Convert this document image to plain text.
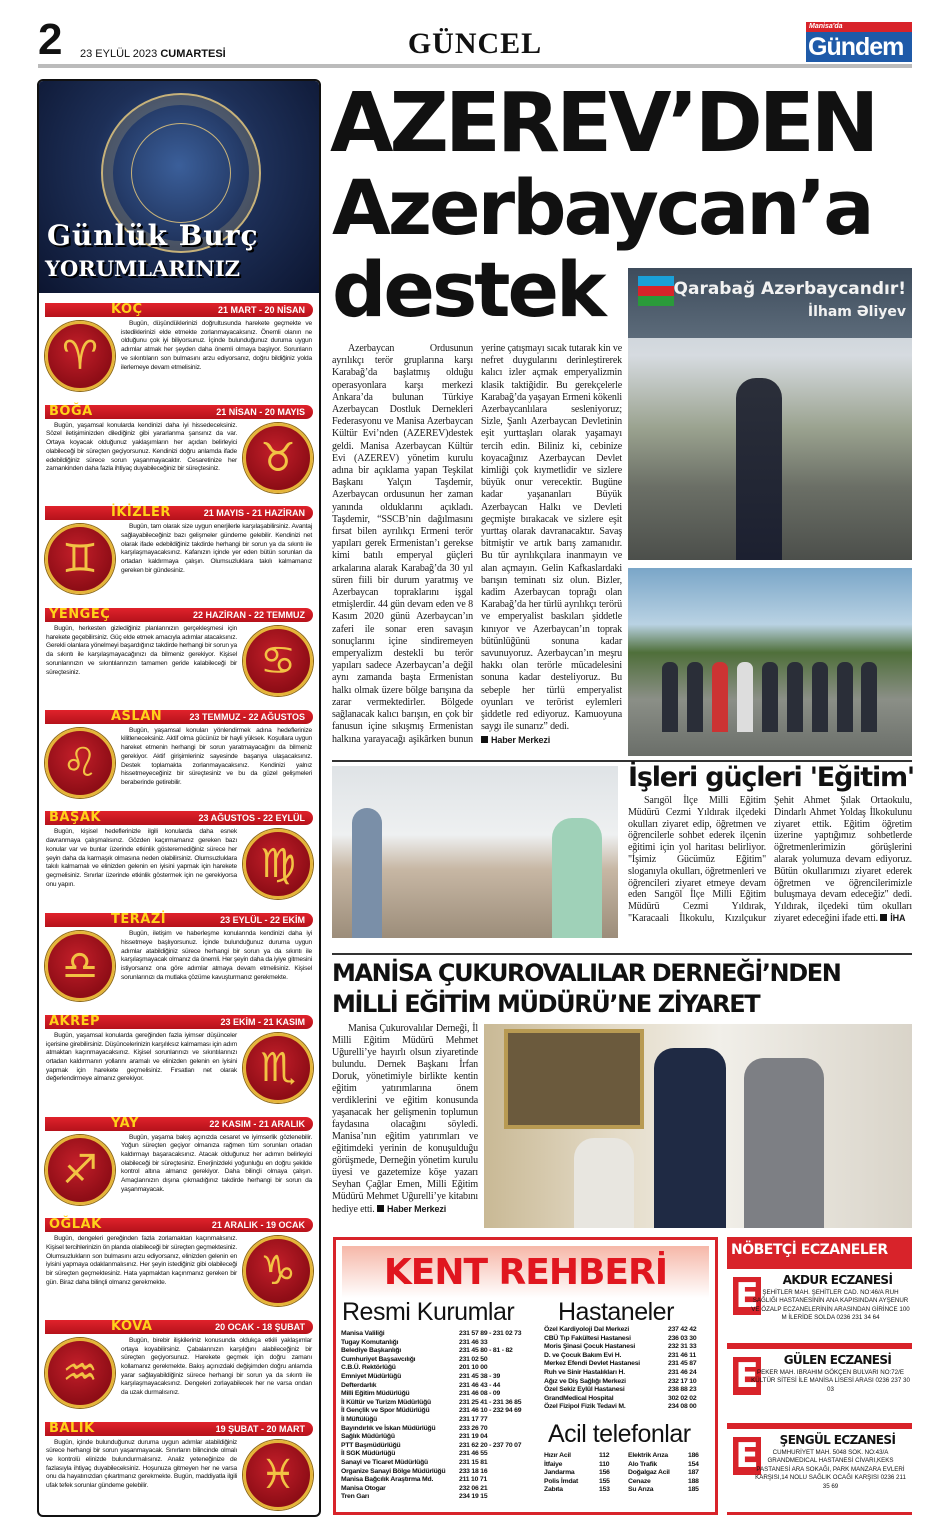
2 23 EYLÜL 2023 CUMARTESİ	GÜNCEL
Manisa'da
Gündem
Günlük Burç
YORUMLARINIZ
KOÇ	21 MART - 20 NİSAN
♈
Bugün, düşündüklerinizi doğrultusunda harekete geçmekte ve istediklerinizi elde etmekte zorlanmayacaksınız. Önemli olanın ne olduğunu çok iyi biliyorsunuz. İçinde bulunduğunuz duruma uygun adımlar atmak her şeyden daha önemli olmaya başlıyor. Sorunların ve sıkıntıların son bulmasını arzu ediyorsanız, doğru bildiğiniz yolda ilerlemeye devam etmelisiniz.
BOĞA	21 NİSAN - 20 MAYIS
♉
Bugün, yaşamsal konularda kendinizi daha iyi hissedeceksiniz. Sözel iletişiminizden dilediğiniz gibi yararlanma şansınız da var. Ortaya koyacak olduğunuz yaklaşımların her açıdan belirleyici olabileceği bir süreçten geçiyorsunuz. Kendinizi doğru anlamda ifade edebildiğiniz sürece sorun yaşanmayacaktır. Cesaretinize her zamankinden daha fazla ihtiyaç duyabileceğiniz bir süreçtesiniz.
İKİZLER	21 MAYIS - 21 HAZİRAN
♊
Bugün, tam olarak size uygun enerjilerle karşılaşabilirsiniz. Avantaj sağlayabileceğiniz bazı gelişmeler gündeme gelebilir. Kendinizi net olarak ifade edebildiğiniz takdirde herhangi bir sorun ya da sıkıntı ile karşılaşmayacaksınız. Kafanızın içinde yer eden bütün sorunları da ortadan kaldırmaya çalışın. Olumsuzluklara takılı kalmamanız gereken bir gündesiniz.
YENGEÇ	22 HAZİRAN - 22 TEMMUZ
♋
Bugün, herkesten gizlediğiniz planlarınızın gerçekleşmesi için harekete geçebilirsiniz. Güç elde etmek amacıyla adımlar atacaksınız. Gerekli olanlara yönelmeyi başardığınız takdirde herhangi bir sorun ya da sıkıntı ile karşılaşmayacağınızı da bilmeniz gerekiyor. Kişisel sorunlarınızın ve sıkıntılarınızın tamamen geride kalabileceği bir süreçtesiniz.
ASLAN	23 TEMMUZ - 22 AĞUSTOS
♌
Bugün, yaşamsal konuları yönlendirmek adına hedeflerinize kilitleneceksiniz. Aktif olma gücünüz bir hayli yüksek. Koşullara uygun hareket etmenin herhangi bir sorun yaratmayacağını da bilmeniz gerekiyor. Aktif girişimleriniz sayesinde başarıya ulaşacaksınız. Destek toplamakta zorlanmayacaksınız. Kendinizi yalnız hissetmeyeceğiniz bir süreçtesiniz ve bu da güzel gelişmeleri beraberinde getirebilir.
BAŞAK	23 AĞUSTOS - 22 EYLÜL
♍
Bugün, kişisel hedeflerinizle ilgili konularda daha esnek davranmaya çalışmalısınız. Gözden kaçırmamanız gereken bazı konular var ve bunlar üzerinde etkinlik gösteremediğiniz sürece her şeyin daha da karmaşık olmasına neden olabilirsiniz. Olumsuzluklara takılı kalmamalı ve elinizden gelenin en iyisini yapmak için harekete geçmelisiniz. Sınırlar üzerinde etkinlik göstermek için ne gerekiyorsa onu yapın.
TERAZİ	23 EYLÜL - 22 EKİM
♎
Bugün, iletişim ve haberleşme konularında kendinizi daha iyi hissetmeye başlıyorsunuz. İçinde bulunduğunuz duruma uygun adımlar atabildiğiniz sürece herhangi bir sorun ya da sıkıntı ile karşılaşmayacak olmanız da önemli. Her şeyin daha da iyiye gitmesini istiyorsanız ona göre adımlar atmaya devam etmelisiniz. Kişisel sorunlarınızı da mutlaka çözüme kavuşturmanız gerekmekte.
AKREP	23 EKİM - 21 KASIM
♏
Bugün, yaşamsal konularda gereğinden fazla iyimser düşünceler içerisine girebilirsiniz. Düşüncelerinizin karşılıksız kalmaması için adım atmaktan kaçınmayacaksınız. Kişisel sorunlarınızı ve sıkıntılarınızı ortadan kaldırmanın yollarını aramalı ve elinizden gelenin en iyisini yapmak için harekete geçmelisiniz. Fırsatları net olarak değerlendirmeye almanız gerekiyor.
YAY	22 KASIM - 21 ARALIK
♐
Bugün, yaşama bakış açınızda cesaret ve iyimserlik gözlenebilir. Yoğun süreçten geçiyor olmanıza rağmen tüm sorunları ortadan kaldırmayı başaracaksınız. Atacak olduğunuz her adımın belirleyici olabileceği bir süreçtesiniz. Enerjinizdeki yoğunluğu en doğru şekilde kontrol altına almanız gerekiyor. Daha bilinçli olmaya çalışın. Amaçlarınızın dışına çıkmadığınız takdirde herhangi bir sorun da yaşanmayacak.
OĞLAK	21 ARALIK - 19 OCAK
♑
Bugün, dengeleri gereğinden fazla zorlamaktan kaçınmalısınız. Kişisel tercihlerinizin ön planda olabileceği bir süreçten geçmektesiniz. Olumsuzlukların son bulmasını arzu ediyorsanız, elinizden gelenin en iyisini yapmaya odaklanmalısınız. Her şeyin istediğiniz gibi olabileceği bir süreçten geçmektesiniz. Hata yapmaktan kaçınmanız gereken bir gün. Biraz daha bilinçli olmanız gerekmekte.
KOVA	20 OCAK - 18 ŞUBAT
♒
Bugün, birebir ilişkileriniz konusunda oldukça etkili yaklaşımlar ortaya koyabilirsiniz. Çabalarınızın karşılığını alabileceğiniz bir süreçten geçiyorsunuz. Harekete geçmek için doğru zamanı kollamanız gerekmekte. Bakış açınızdaki değişimden doğru anlamda yarar sağlayabildiğiniz sürece herhangi bir sorun ya da sıkıntı ile karşılaşmayacaksınız. Dengeleri zorlayabilecek her ne varsa ondan da uzak durmalısınız.
BALIK	19 ŞUBAT - 20 MART
♓
Bugün, içinde bulunduğunuz duruma uygun adımlar atabildiğiniz sürece herhangi bir sorun yaşanmayacak. Sınırların bilincinde olmalı ve kontrolü elinizde bulundurmalısınız. Analiz yeteneğinize de fazlasıyla ihtiyaç duyabileceksiniz. Hoşunuza gitmeyen her ne varsa onu da hayatınızdan çıkartmanız gerekmekte. Bugün, maddiyatla ilgili ufak tefek sorunlar gündeme gelebilir.
AZEREV’DEN
Azerbaycan’a
destek

Azerbaycan Ordusunun ayrılıkçı terör gruplarına karşı Karabağ’da başlatmış olduğu operasyonlara karşı merkezi Ankara’da bulunan Türkiye Azerbaycan Dostluk Dernekleri Federasyonu ve Manisa Azerbaycan Kültür Evi’nden (AZEREV)destek geldi. Manisa Azerbaycan Kültür Evi (AZEREV) yönetim kurulu adına bir açıklama yapan Teşkilat Başkanı Yalçın Taşdemir, Azerbaycan ordusunun her zaman yanında olduklarını açıkladı. Taşdemir, “SSCB’nin dağılmasını fırsat bilen ayrılıkçı Ermeni terör yapıları gerek Ermenistan’ı gerekse kimi batılı emperyal güçleri arkalarına alarak Karabağ’da 30 yıl süren fiili bir durum yaratmış ve Azerbaycan topraklarını işgal etmişlerdir. 44 gün devam eden ve 8 Kasım 2020 günü Azerbaycan’ın zaferi ile sonar eren savaşın sonuçlarını içine sindiremeyen emperyalizm destekli bu terör yapıları sadece Azerbaycan’a değil aynı zamanda başta Ermenistan halkı olmak üzere bölge barışına da zarar vermektedirler. Bölgede sağlanacak kalıcı barışın, en çok bir fanusun içine sıkışmış Ermenistan halkına yarayacağı aşikârken bunun yerine çatışmayı sıcak tutarak kin ve nefret duygularını derinleştirerek kalıcı izler açmak emperyalizmin klasik taktiğidir. Bu gerekçelerle Karabağ’da yaşayan Ermeni kökenli Azerbaycanlılara sesleniyoruz; Sizle, Şanlı Azerbaycan Devletinin eşit yurttaşları olarak yaşamayı tercih edin. Biliniz ki, cebinize koyacağınız Azerbaycan Devlet kimliği çok kıymetlidir ve sizlere büyük onur verecektir. Bugüne kadar yaşananları Büyük Azerbaycan Halkı ve Devleti geçmişte bırakacak ve sizlere eşit yurttaş olarak davranacaktır. Savaş bitmiştir ve artık barış zamanıdır. Bu tür ayrılıkçılara inanmayın ve alan açmayın. Gelin Kafkaslardaki barışın teminatı siz olun. Bizler, kadim Azerbaycan toprağı olan Karabağ’da her türlü ayrılıkçı terörü ve emperyalist baskıları şiddetle kınıyor ve Azerbaycan’ın toprak bütünlüğünü sonuna kadar savunuyoruz. Azerbaycan’ın meşru hakkı olan terörle mücadelesini sonuna kadar desteliyoruz. Bu sebeple her türlü emperyalist oyunları ve terörist eylemleri şiddetle red ediyoruz. Kamuoyuna saygı ile sunarız” dedi.
Haber Merkezi

Qarabağ Azərbaycandır!
İlham Əliyev
İşleri güçleri 'Eğitim'

Sarıgöl İlçe Milli Eğitim Müdürü Cezmi Yıldırak ilçedeki okulları ziyaret edip, öğretmen ve öğrencilerle sohbet ederek ilçenin eğitimi için yol haritası belirliyor. "İşimiz Gücümüz Eğitim" sloganıyla okulları, öğretmenleri ve öğrencileri ziyaret etmeye devam eden Sarıgöl İlçe Milli Eğitim Müdürü Cezmi Yıldırak, "Karacaali İlkokulu, Kızılçukur Şehit Ahmet Şılak Ortaokulu, Dindarlı Ahmet Yoldaş İlkokulunu ziyaret ettik. Eğitim öğretim üzerine yaptığımız sohbetlerde öğretmenlerimizin görüşlerini alarak yolumuza devam ediyoruz. Bütün okullarımızı ziyaret ederek öğretmen ve öğrencilerimizle buluşmaya devam edeceğiz" dedi. Yıldırak, ilçedeki tüm okulları ziyaret edeceğini ifade etti. İHA

MANİSA ÇUKUROVALILAR DERNEĞİ’NDEN
MİLLİ EĞİTİM MÜDÜRÜ’NE ZİYARET

Manisa Çukurovalılar Derneği, İl Milli Eğitim Müdürü Mehmet Uğurelli’ye hayırlı olsun ziyaretinde bulundu. Dernek Başkanı İrfan Doruk, yönetimiyle birlikte kentin eğitim yatırımlarına önem verdiklerini ve eğitim konusunda yaşanacak her gelişmenin toplumun faydasına olacağını söyledi. Manisa’nın eğitim yatırımları ve eğitimdeki yerinin de konuşulduğu görüşmede, Derneğin yönetim kurulu üyesi ve gazetemize köşe yazarı Seyhan Çağlar Emen, Milli Eğitim Müdürü Mehmet Uğurelli’ye kitabını hediye etti. Haber Merkezi

KENT REHBERİ
Resmi Kurumlar Hastaneler
Acil telefonlar
Manisa Valiliği	231 57 89 - 231 02 73
Tugay Komutanlığı	231 46 33
Belediye Başkanlığı	231 45 80 - 81 - 82
Cumhuriyet Başsavcılığı	231 02 50
C.B.Ü. Rektörlüğü	201 10 00
Emniyet Müdürlüğü	231 45 38 - 39
Defterdarlık	231 46 43 - 44
Milli Eğitim Müdürlüğü	231 46 08 - 09
İl Kültür ve Turizm Müdürlüğü	231 25 41 - 231 36 85
İl Gençlik ve Spor Müdürlüğü	231 46 10 - 232 94 69
İl Müftülüğü	231 17 77
Bayındırlık ve İskan Müdürlüğü	233 26 70
Sağlık Müdürlüğü	231 19 04
PTT Başmüdürlüğü	231 62 20 - 237 70 07
İl SGK Müdürlüğü	231 46 55
Sanayi ve Ticaret Müdürlüğü	231 15 81
Organize Sanayi Bölge Müdürlüğü	233 18 16
Manisa Bağcılık Araştırma Md.	211 10 71
Manisa Otogar	232 06 21
Tren Garı	234 19 15
Özel Kardiyoloji Dal Merkezi	237 42 42
CBÜ Tıp Fakültesi Hastanesi	236 03 30
Moris Şinasi Çocuk Hastanesi	232 31 33
D. ve Çocuk Bakım Evi H.	231 46 11
Merkez Efendi Devlet Hastanesi	231 45 87
Ruh ve Sinir Hastalıkları H.	231 46 24
Ağız ve Diş Sağlığı Merkezi	232 17 10
Özel Sekiz Eylül Hastanesi	238 88 23
GrandMedical Hospital	302 02 02
Özel Fizipol Fizik Tedavi M.	234 08 00
Hızır Acil	112
İtfaiye	110
Jandarma	156
Polis İmdat	155
Zabıta	153
Elektrik Arıza	186
Alo Trafik	154
Doğalgaz Acil	187
Cenaze	188
Su Arıza	185
NÖBETÇİ ECZANELER
E	AKDUR ECZANESİ
ŞEHİTLER MAH. ŞEHİTLER CAD. NO:46/A RUH SAĞLIĞI HASTANESİNİN ANA KAPISINDAN AYŞENUR VE ÖZALP ECZANELERİNİN ARASINDAN GİRİNCE 100 M İLERİDE SOLDA 0236 231 34 64
E	GÜLEN ECZANESİ
PEKER MAH. IBRAHIM GÖKÇEN BULVARI NO:72/E KÜLTÜR SİTESİ İLE MANİSA LİSESİ ARASI 0236 237 30 03
E	ŞENGÜL ECZANESİ
CUMHURİYET MAH. 5048 SOK. NO:43/A GRANDMEDICAL HASTANESİ CİVARI,KEKS PASTANESİ ARA SOKAĞI, PARK MANZARA EVLERİ KARŞISI,14 NOLU SAĞLIK OCAĞI KARŞISI 0236 211 35 69
